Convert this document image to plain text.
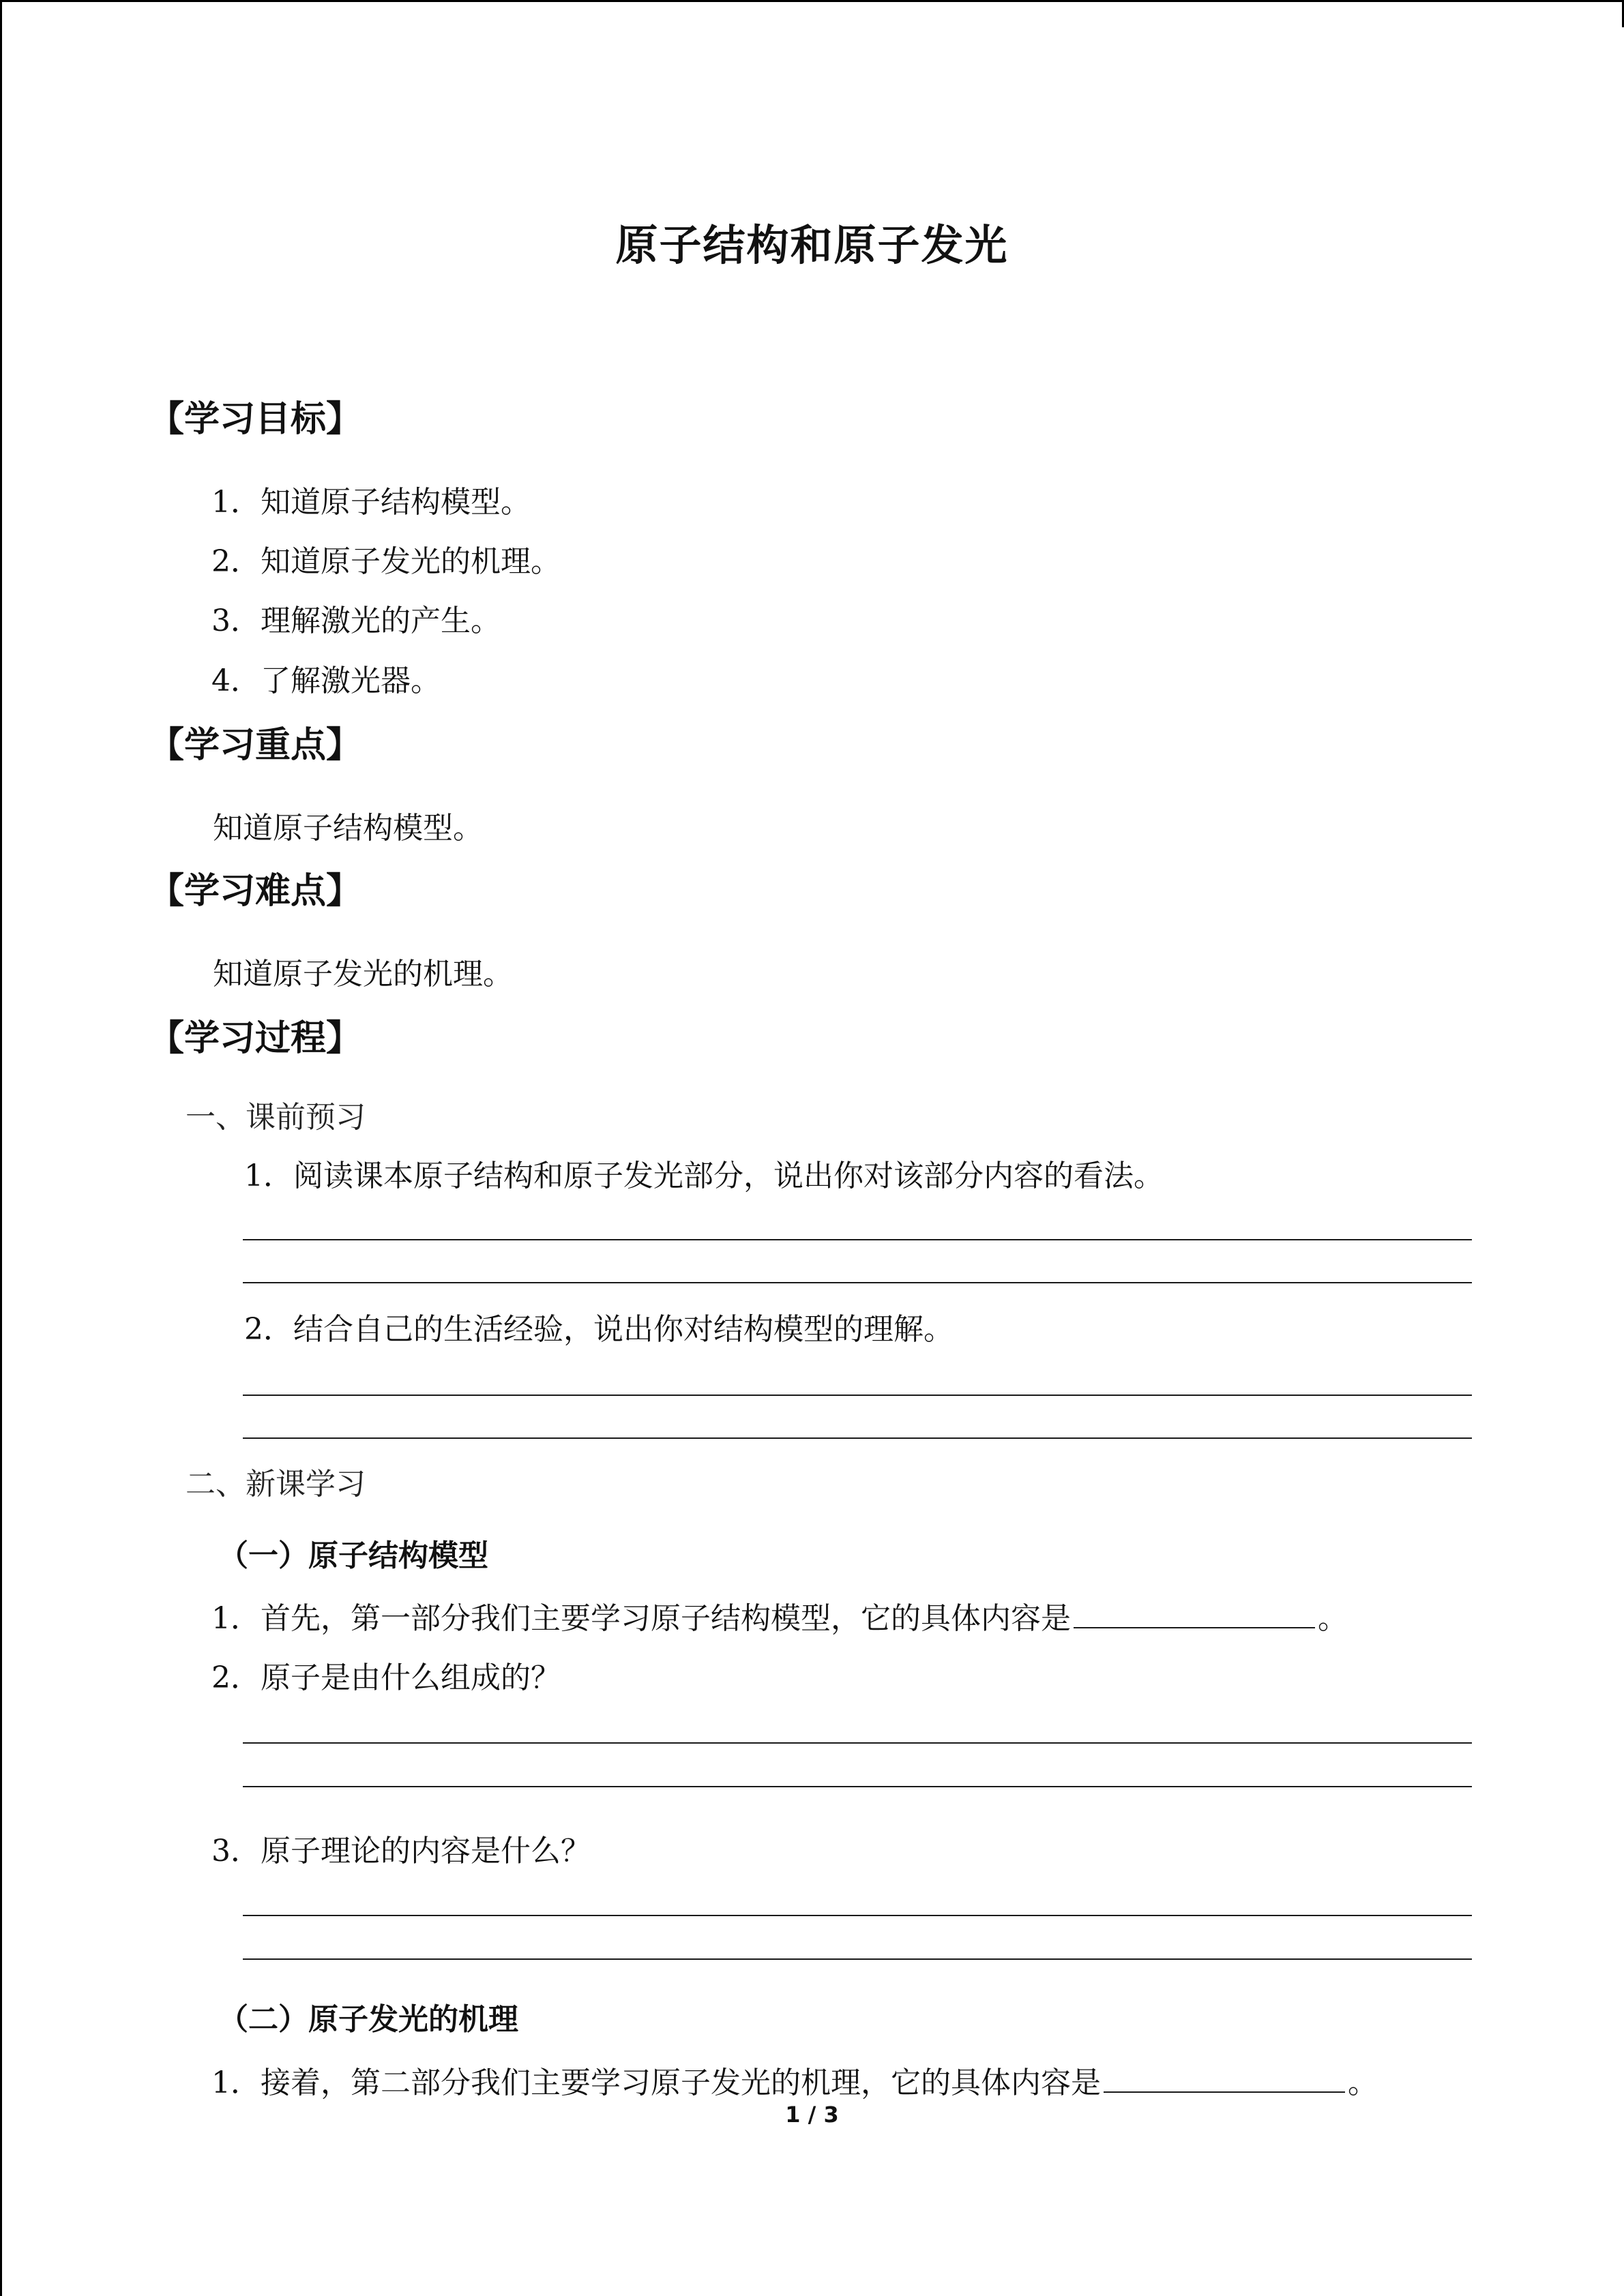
原子结构和原子发光
【学习目标】
1．知道原子结构模型。
2．知道原子发光的机理。
3．理解激光的产生。
4．了解激光器。
【学习重点】
知道原子结构模型。
【学习难点】
知道原子发光的机理。
【学习过程】
一、课前预习
1．阅读课本原子结构和原子发光部分，说出你对该部分内容的看法。
2．结合自己的生活经验，说出你对结构模型的理解。
二、新课学习
（一）原子结构模型
1．首先，第一部分我们主要学习原子结构模型，它的具体内容是	。
2．原子是由什么组成的？
3．原子理论的内容是什么？
（二）原子发光的机理
1．接着，第二部分我们主要学习原子发光的机理，它的具体内容是	。
1 / 3
